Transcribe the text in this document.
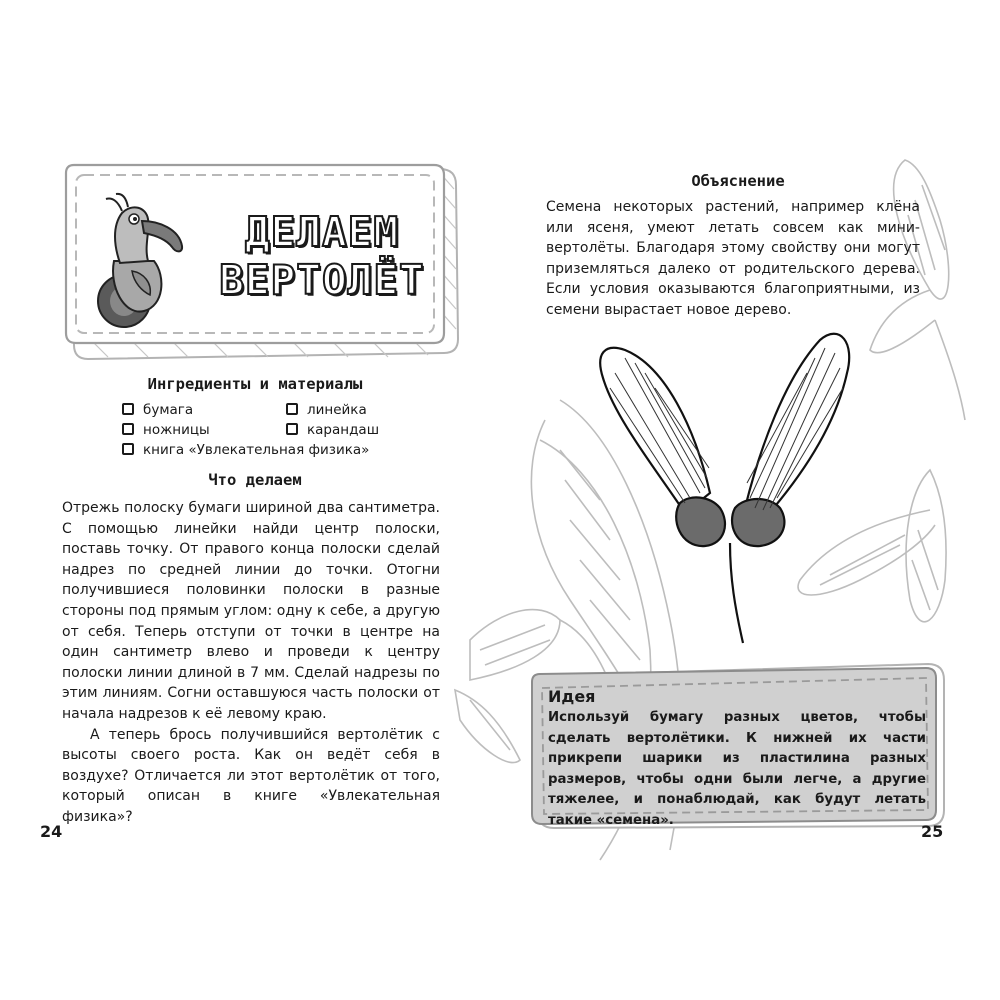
ДЕЛАЕМ
ВЕРТОЛЁТ
Ингредиенты и материалы
бумага	линейка
ножницы	карандаш
книга «Увлекательная физика»
Что делаем

Отрежь полоску бумаги шириной два сантиметра. С помощью линейки найди центр полоски, поставь точку. От правого конца полоски сделай надрез по средней линии до точки. Отогни получившиеся половинки полоски в разные стороны под прямым углом: одну к себе, а другую от себя. Теперь отступи от точки в центре на один сантиметр влево и проведи к центру полоски линии длиной в 7 мм. Сделай надрезы по этим линиям. Согни оставшуюся часть полоски от начала надрезов к её левому краю.

А теперь брось получившийся вертолётик с высоты своего роста. Как он ведёт себя в воздухе? Отличается ли этот вертолётик от того, который описан в книге «Увлекательная физика»?

24
Объяснение

Семена некоторых растений, например клёна или ясеня, умеют летать совсем как мини-вертолёты. Благодаря этому свойству они могут приземляться далеко от родительского дерева. Если условия оказываются благоприятными, из семени вырастает новое дерево.

Идея

Используй бумагу разных цветов, чтобы сделать вертолётики. К нижней их части прикрепи шарики из пластилина разных размеров, чтобы одни были легче, а другие тяжелее, и понаблюдай, как будут летать такие «семена».

25
